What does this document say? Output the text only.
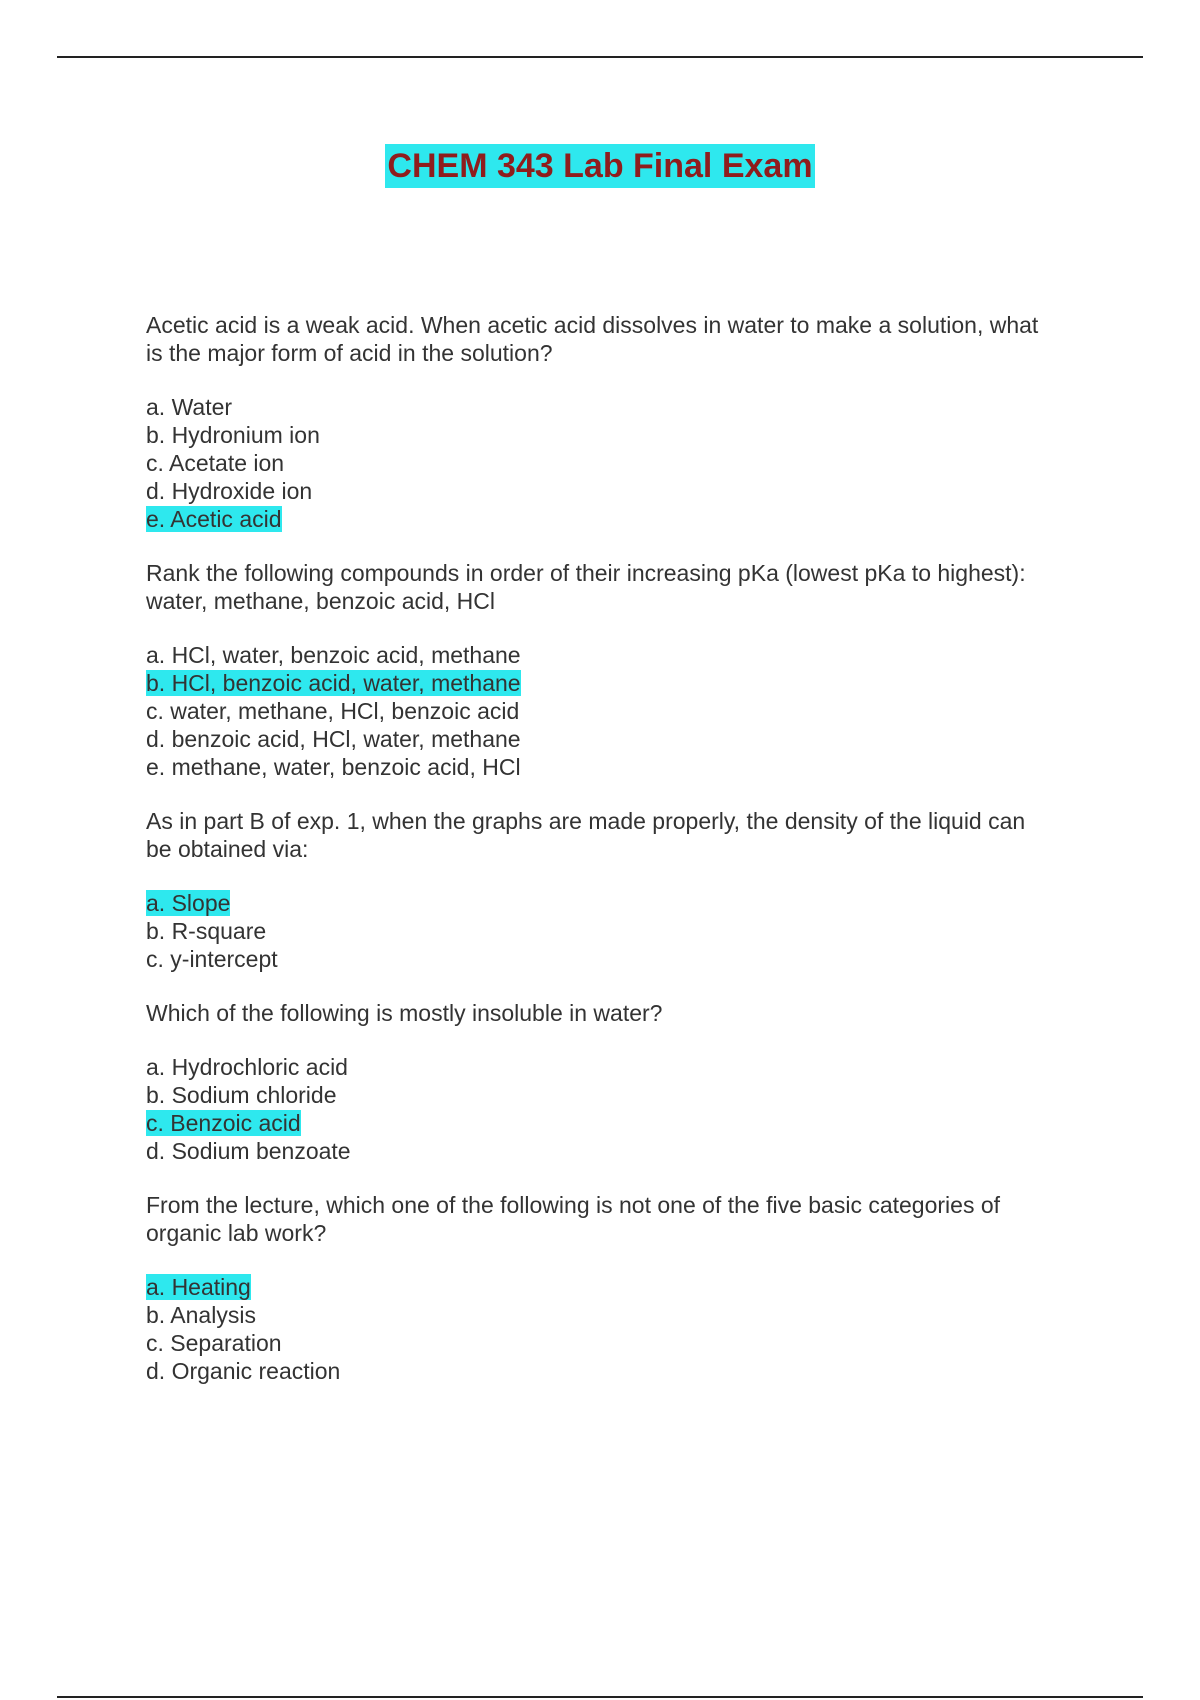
CHEM 343 Lab Final Exam
Acetic acid is a weak acid. When acetic acid dissolves in water to make a solution, what
is the major form of acid in the solution?
a. Water
b. Hydronium ion
c. Acetate ion
d. Hydroxide ion
e. Acetic acid
Rank the following compounds in order of their increasing pKa (lowest pKa to highest):
water, methane, benzoic acid, HCl
a. HCl, water, benzoic acid, methane
b. HCl, benzoic acid, water, methane
c. water, methane, HCl, benzoic acid
d. benzoic acid, HCl, water, methane
e. methane, water, benzoic acid, HCl
As in part B of exp. 1, when the graphs are made properly, the density of the liquid can
be obtained via:
a. Slope
b. R-square
c. y-intercept
Which of the following is mostly insoluble in water?
a. Hydrochloric acid
b. Sodium chloride
c. Benzoic acid
d. Sodium benzoate
From the lecture, which one of the following is not one of the five basic categories of
organic lab work?
a. Heating
b. Analysis
c. Separation
d. Organic reaction
